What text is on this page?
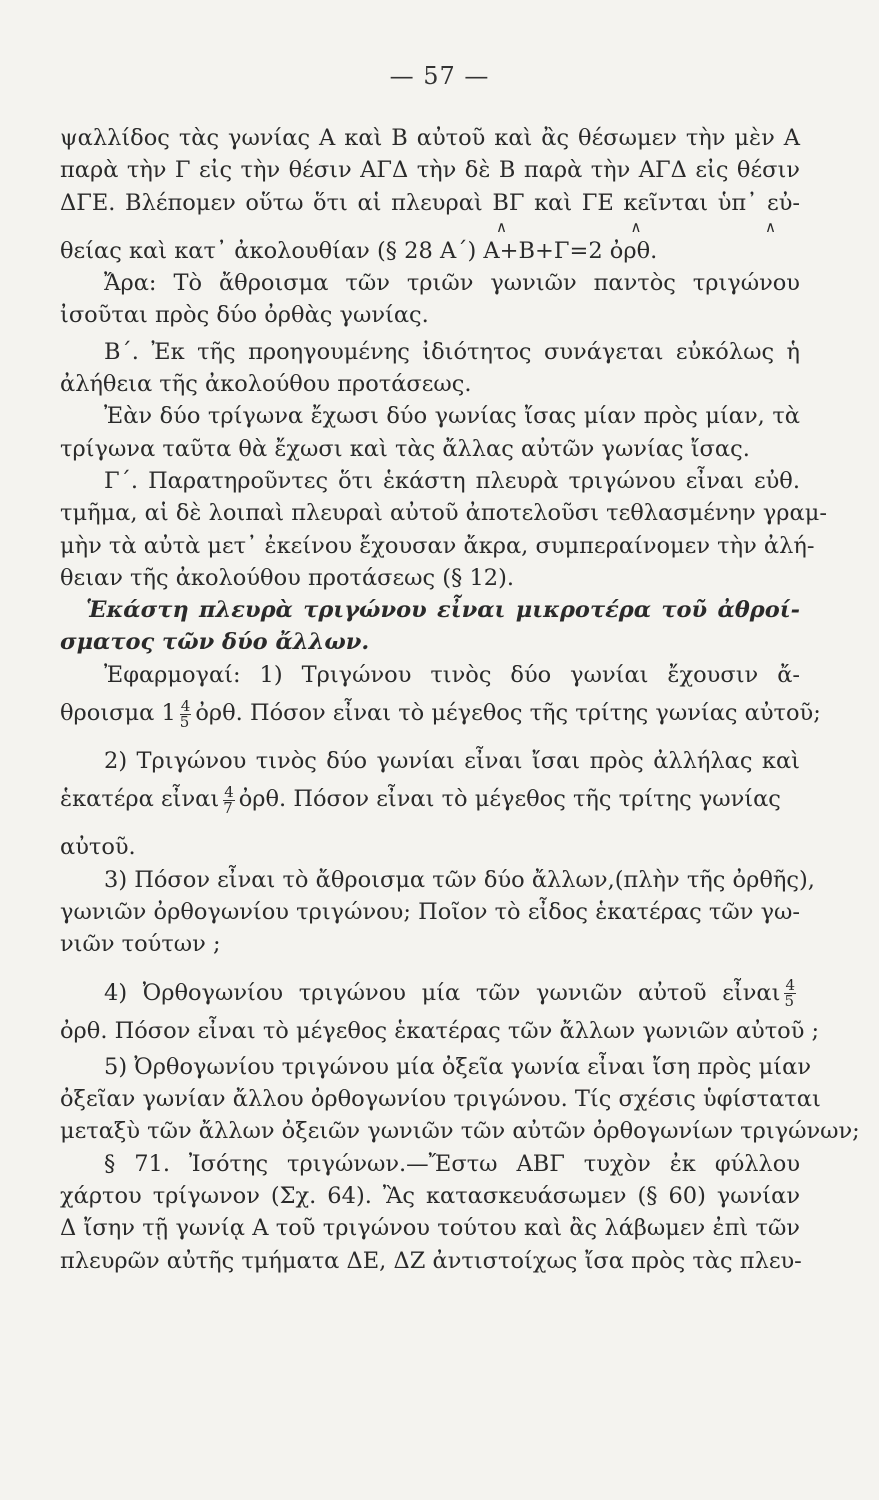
— 57 —
ψαλλίδος τὰς γωνίας Α καὶ Β αὐτοῦ καὶ ἂς θέσωμεν τὴν μὲν Α
παρὰ τὴν Γ εἰς τὴν θέσιν ΑΓΔ τὴν δὲ Β παρὰ τὴν ΑΓΔ εἰς θέσιν
ΔΓΕ. Βλέπομεν οὕτω ὅτι αἱ πλευραὶ ΒΓ καὶ ΓΕ κεῖνται ὑπ᾿ εὐ-
∧ ∧ ∧
θείας καὶ κατ᾿ ἀκολουθίαν (§ 28 Α΄) Α+Β+Γ=2 ὀρθ.
Ἄρα: Τὸ ἄθροισμα τῶν τριῶν γωνιῶν παντὸς τριγώνου
ἰσοῦται πρὸς δύο ὀρθὰς γωνίας.
Β΄. Ἐκ τῆς προηγουμένης ἰδιότητος συνάγεται εὐκόλως ἡ
ἀλήθεια τῆς ἀκολούθου προτάσεως.
Ἐὰν δύο τρίγωνα ἔχωσι δύο γωνίας ἴσας μίαν πρὸς μίαν, τὰ
τρίγωνα ταῦτα θὰ ἔχωσι καὶ τὰς ἄλλας αὐτῶν γωνίας ἴσας.
Γ΄. Παρατηροῦντες ὅτι ἑκάστη πλευρὰ τριγώνου εἶναι εὐθ.
τμῆμα, αἱ δὲ λοιπαὶ πλευραὶ αὐτοῦ ἀποτελοῦσι τεθλασμένην γραμ-
μὴν τὰ αὐτὰ μετ᾿ ἐκείνου ἔχουσαν ἄκρα, συμπεραίνομεν τὴν ἀλή-
θειαν τῆς ἀκολούθου προτάσεως (§ 12).
Ἑκάστη πλευρὰ τριγώνου εἶναι μικροτέρα τοῦ ἀθροί-
σματος τῶν δύο ἄλλων.
Ἐφαρμογαί: 1) Τριγώνου τινὸς δύο γωνίαι ἔχουσιν ἄ-
θροισμα $1 \frac{4}{5}$ ὀρθ. Πόσον εἶναι τὸ μέγεθος τῆς τρίτης γωνίας αὐτοῦ;
2) Τριγώνου τινὸς δύο γωνίαι εἶναι ἴσαι πρὸς ἀλλήλας καὶ
ἑκατέρα εἶναι $\frac{4}{7}$ ὀρθ. Πόσον εἶναι τὸ μέγεθος τῆς τρίτης γωνίας
αὐτοῦ.
3) Πόσον εἶναι τὸ ἄθροισμα τῶν δύο ἄλλων,(πλὴν τῆς ὀρθῆς),
γωνιῶν ὀρθογωνίου τριγώνου; Ποῖον τὸ εἶδος ἑκατέρας τῶν γω-
νιῶν τούτων ;
4) Ὀρθογωνίου τριγώνου μία τῶν γωνιῶν αὐτοῦ εἶναι $\frac{4}{5}$
ὀρθ. Πόσον εἶναι τὸ μέγεθος ἑκατέρας τῶν ἄλλων γωνιῶν αὐτοῦ ;
5) Ὀρθογωνίου τριγώνου μία ὀξεῖα γωνία εἶναι ἴση πρὸς μίαν
ὀξεῖαν γωνίαν ἄλλου ὀρθογωνίου τριγώνου. Τίς σχέσις ὑφίσταται
μεταξὺ τῶν ἄλλων ὀξειῶν γωνιῶν τῶν αὐτῶν ὀρθογωνίων τριγώνων;
§ 71. Ἰσότης τριγώνων.—Ἔστω ΑΒΓ τυχὸν ἐκ φύλλου
χάρτου τρίγωνον (Σχ. 64). Ἂς κατασκευάσωμεν (§ 60) γωνίαν
Δ ἴσην τῇ γωνίᾳ Α τοῦ τριγώνου τούτου καὶ ἂς λάβωμεν ἐπὶ τῶν
πλευρῶν αὐτῆς τμήματα ΔΕ, ΔΖ ἀντιστοίχως ἴσα πρὸς τὰς πλευ-
